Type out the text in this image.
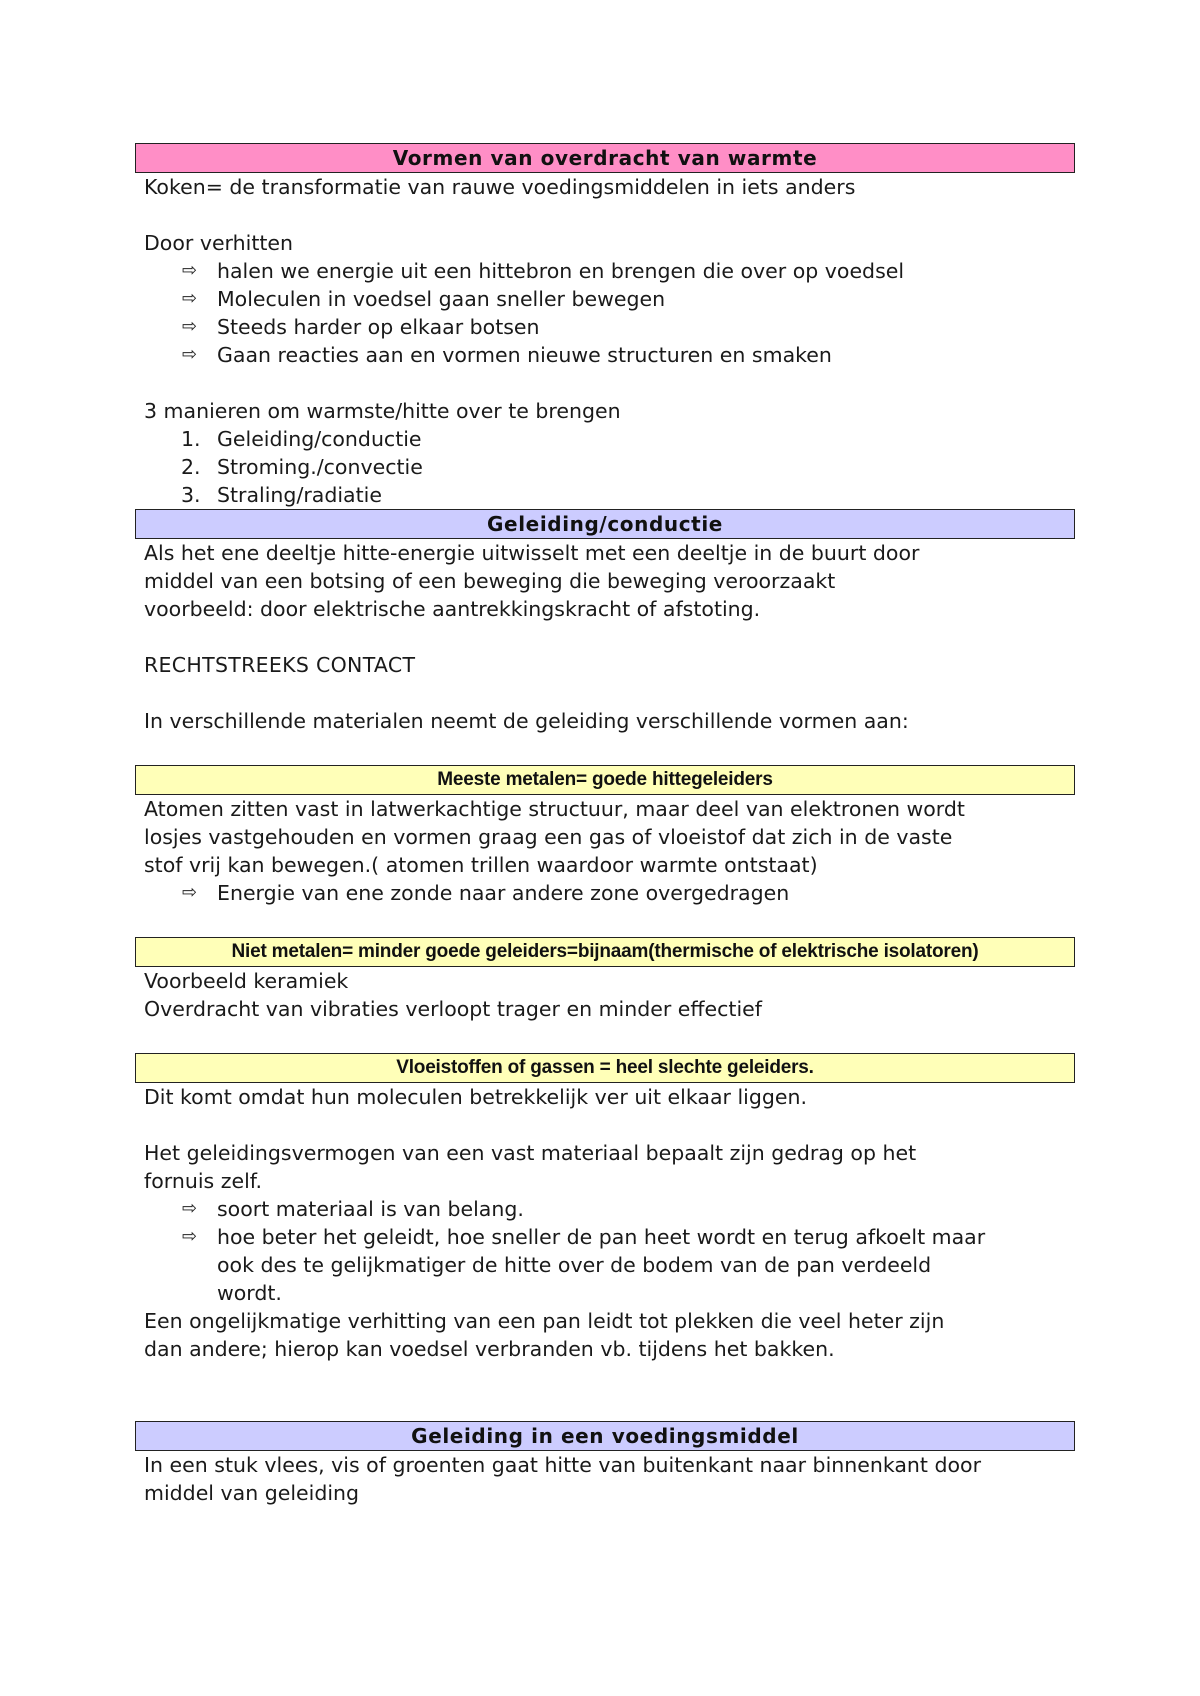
Vormen van overdracht van warmte

Koken= de transformatie van rauwe voedingsmiddelen in iets anders

Door verhitten

⇨ halen we energie uit een hittebron en brengen die over op voedsel
⇨ Moleculen in voedsel gaan sneller bewegen
⇨ Steeds harder op elkaar botsen
⇨ Gaan reacties aan en vormen nieuwe structuren en smaken

3 manieren om warmste/hitte over te brengen

1. Geleiding/conductie
2. Stroming./convectie
3. Straling/radiatie
Geleiding/conductie

Als het ene deeltje hitte-energie uitwisselt met een deeltje in de buurt door

middel van een botsing of een beweging die beweging veroorzaakt

voorbeeld: door elektrische aantrekkingskracht of afstoting.

RECHTSTREEKS CONTACT

In verschillende materialen neemt de geleiding verschillende vormen aan:

Meeste metalen= goede hittegeleiders

Atomen zitten vast in latwerkachtige structuur, maar deel van elektronen wordt

losjes vastgehouden en vormen graag een gas of vloeistof dat zich in de vaste

stof vrij kan bewegen.( atomen trillen waardoor warmte ontstaat)

⇨ Energie van ene zonde naar andere zone overgedragen
Niet metalen= minder goede geleiders=bijnaam(thermische of elektrische isolatoren)

Voorbeeld keramiek

Overdracht van vibraties verloopt trager en minder effectief

Vloeistoffen of gassen = heel slechte geleiders.

Dit komt omdat hun moleculen betrekkelijk ver uit elkaar liggen.

Het geleidingsvermogen van een vast materiaal bepaalt zijn gedrag op het

fornuis zelf.

⇨ soort materiaal is van belang.
⇨ hoe beter het geleidt, hoe sneller de pan heet wordt en terug afkoelt maar
ook des te gelijkmatiger de hitte over de bodem van de pan verdeeld
wordt.

Een ongelijkmatige verhitting van een pan leidt tot plekken die veel heter zijn

dan andere; hierop kan voedsel verbranden vb. tijdens het bakken.

Geleiding in een voedingsmiddel

In een stuk vlees, vis of groenten gaat hitte van buitenkant naar binnenkant door

middel van geleiding
